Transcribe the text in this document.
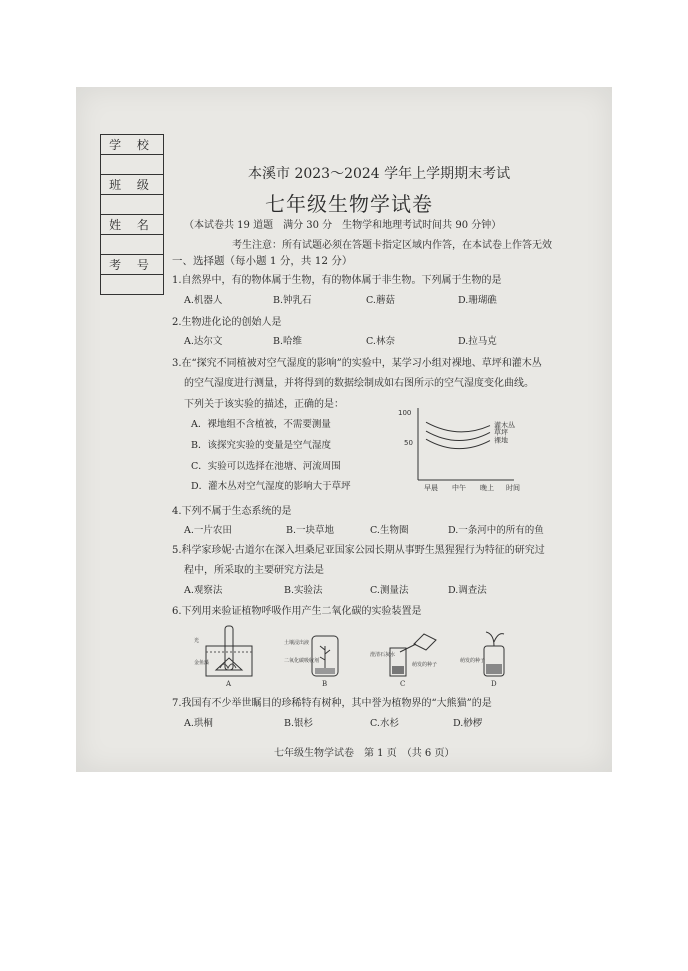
学 校

班 级

姓 名

考 号

本溪市 2023～2024 学年上学期期末考试
七年级生物学试卷
（本试卷共 19 道题　满分 30 分　生物学和地理考试时间共 90 分钟）
考生注意：所有试题必须在答题卡指定区域内作答，在本试卷上作答无效
一、选择题（每小题 1 分，共 12 分）
1.自然界中，有的物体属于生物，有的物体属于非生物。下列属于生物的是
A.机器人	B.钟乳石	C.蘑菇	D.珊瑚礁
2.生物进化论的创始人是
A.达尔文	B.哈维	C.林奈	D.拉马克
3.在“探究不同植被对空气湿度的影响”的实验中，某学习小组对裸地、草坪和灌木丛
的空气湿度进行测量，并将得到的数据绘制成如右图所示的空气湿度变化曲线。
下列关于该实验的描述，正确的是：
A．裸地组不含植被，不需要测量
B．该探究实验的变量是空气湿度
C．实验可以选择在池塘、河流周围
D．灌木丛对空气湿度的影响大于草坪
100
50
早晨 中午 晚上 时间
灌木丛
草坪
裸地
4.下列不属于生态系统的是
A.一片农田	B.一块草地	C.生物圈	D.一条河中的所有的鱼
5.科学家珍妮·古道尔在深入坦桑尼亚国家公园长期从事野生黑猩猩行为特征的研究过
程中，所采取的主要研究方法是
A.观察法	B.实验法	C.测量法	D.调查法
6.下列用来验证植物呼吸作用产生二氧化碳的实验装置是
光
金鱼藻
A
土壤浸出液
二氧化碳吸收剂
B
澄清石灰水
萌发的种子
C
萌发的种子
D
7.我国有不少举世瞩目的珍稀特有树种，其中誉为植物界的“大熊猫”的是
A.珙桐	B.银杉	C.水杉	D.桫椤
七年级生物学试卷　第 1 页　（共 6 页）
